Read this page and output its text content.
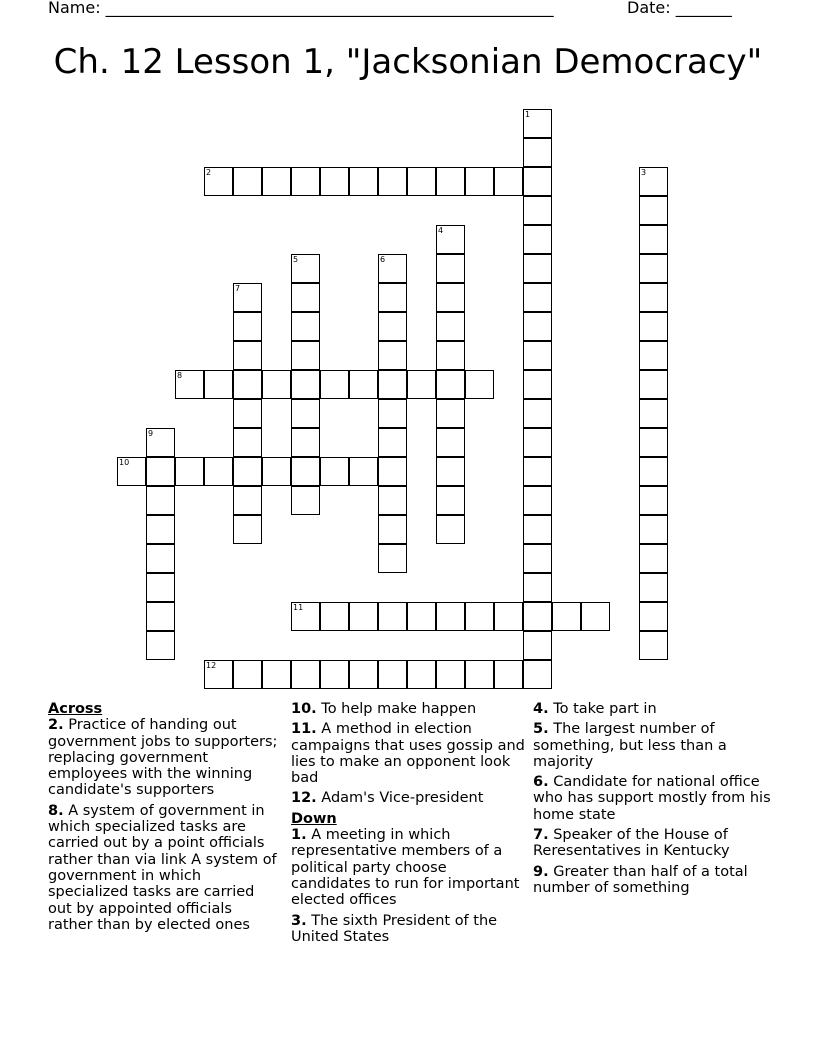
Name: ________________________________________________________	Date: _______
Ch. 12 Lesson 1, "Jacksonian Democracy"
1
2	3
4
5	6
7
8
9
10
11
12
Across
2. Practice of handing out government jobs to supporters; replacing government employees with the winning candidate's supporters
8. A system of government in which specialized tasks are carried out by a point officials rather than via link A system of government in which specialized tasks are carried out by appointed officials rather than by elected ones
10. To help make happen
11. A method in election campaigns that uses gossip and lies to make an opponent look bad
12. Adam's Vice-president
Down
1. A meeting in which representative members of a political party choose candidates to run for important elected offices
3. The sixth President of the United States
4. To take part in
5. The largest number of something, but less than a majority
6. Candidate for national office who has support mostly from his home state
7. Speaker of the House of Reresentatives in Kentucky
9. Greater than half of a total number of something
